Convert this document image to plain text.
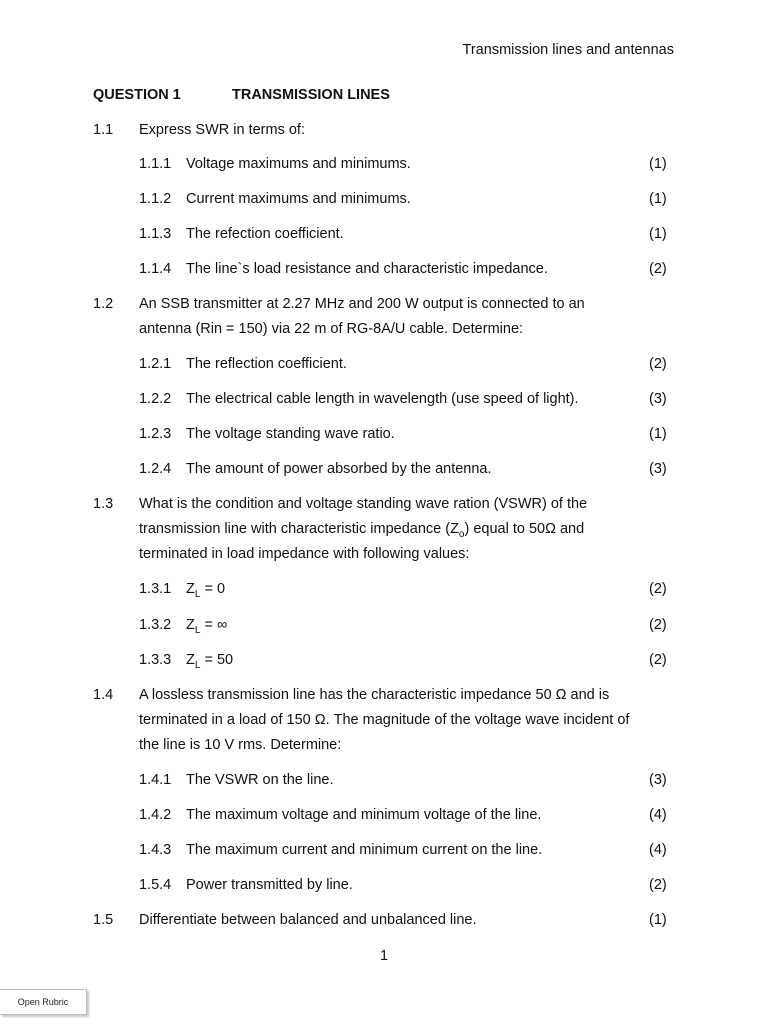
Transmission lines and antennas
QUESTION 1	TRANSMISSION LINES
1.1 Express SWR in terms of:
1.1.1 Voltage maximums and minimums.	(1)
1.1.2 Current maximums and minimums.	(1)
1.1.3 The refection coefficient.	(1)
1.1.4 The line`s load resistance and characteristic impedance.	(2)
1.2 An SSB transmitter at 2.27 MHz and 200 W output is connected to an
antenna (Rin = 150) via 22 m of RG-8A/U cable. Determine:
1.2.1 The reflection coefficient.	(2)
1.2.2 The electrical cable length in wavelength (use speed of light).	(3)
1.2.3 The voltage standing wave ratio.	(1)
1.2.4 The amount of power absorbed by the antenna.	(3)
1.3 What is the condition and voltage standing wave ration (VSWR) of the
transmission line with characteristic impedance $(Z_o)$ equal to 50Ω and
terminated in load impedance with following values:
1.3.1 $Z_L = 0$	(2)
1.3.2 $Z_L$ = ∞	(2)
1.3.3 $Z_L = 50$	(2)
1.4 A lossless transmission line has the characteristic impedance 50 Ω and is
terminated in a load of 150 Ω. The magnitude of the voltage wave incident of
the line is 10 V rms. Determine:
1.4.1 The VSWR on the line.	(3)
1.4.2 The maximum voltage and minimum voltage of the line.	(4)
1.4.3 The maximum current and minimum current on the line.	(4)
1.5.4 Power transmitted by line.	(2)
1.5 Differentiate between balanced and unbalanced line.	(1)
1
Open Rubric
